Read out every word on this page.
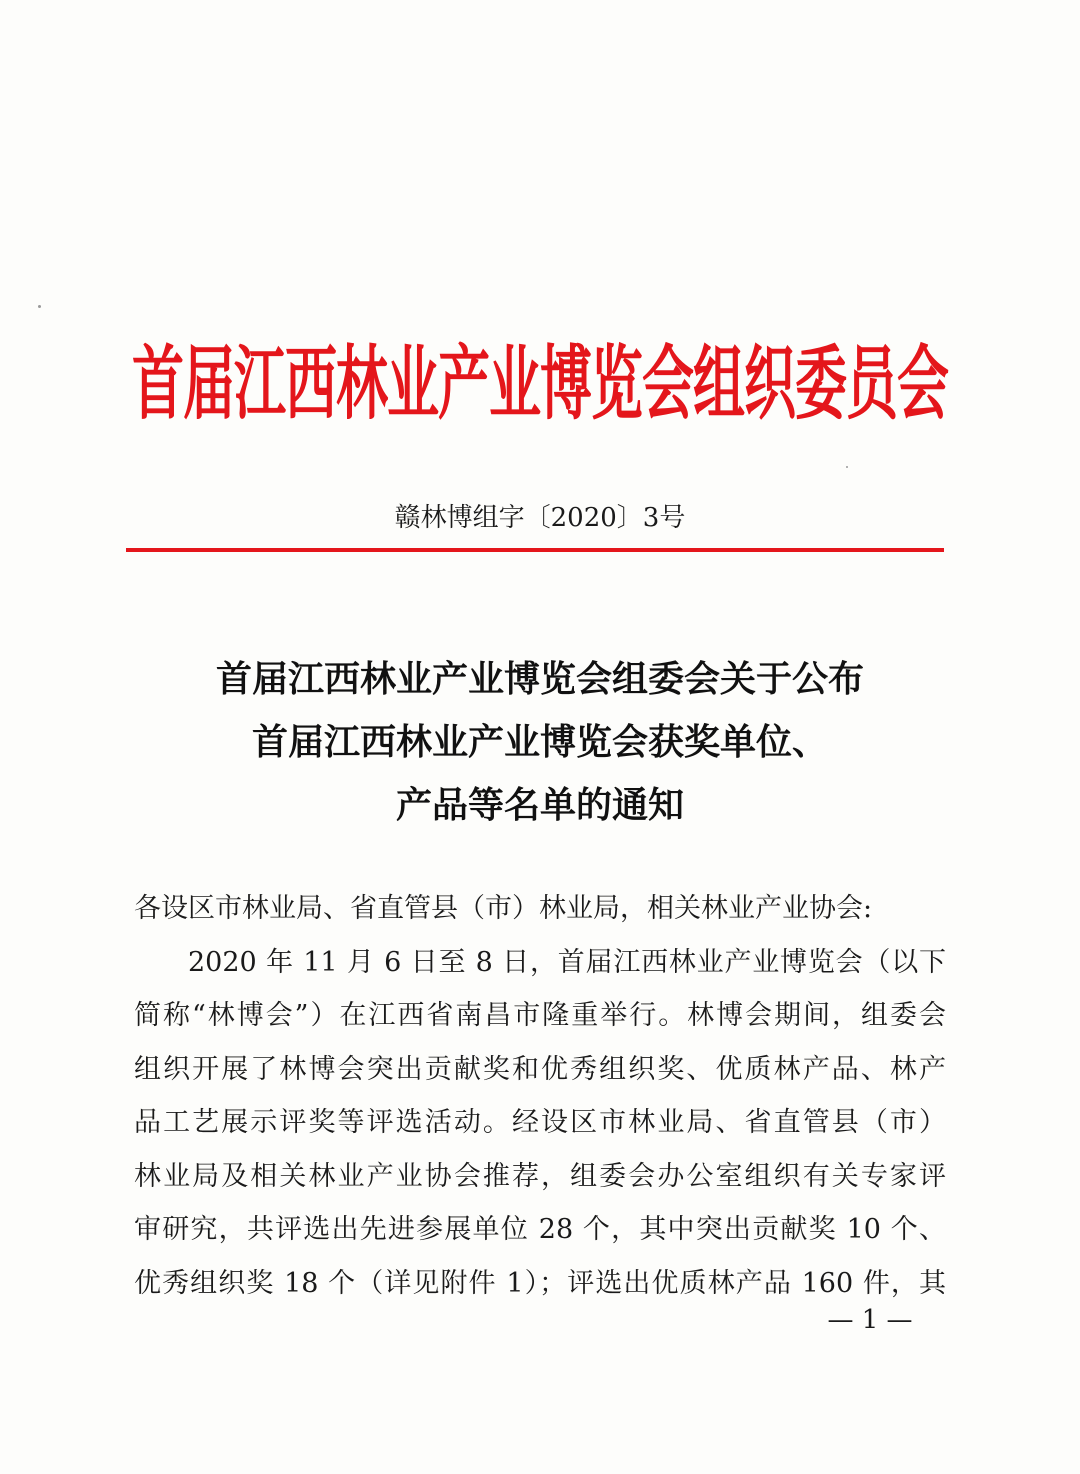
首届江西林业产业博览会组织委员会
赣林博组字〔2020〕3号
首届江西林业产业博览会组委会关于公布
首届江西林业产业博览会获奖单位、
产品等名单的通知
各设区市林业局、省直管县（市）林业局，相关林业产业协会:
2020 年 11 月 6 日至 8 日，首届江西林业产业博览会（以下
简称“林博会”）在江西省南昌市隆重举行。林博会期间，组委会
组织开展了林博会突出贡献奖和优秀组织奖、优质林产品、林产
品工艺展示评奖等评选活动。经设区市林业局、省直管县（市）
林业局及相关林业产业协会推荐，组委会办公室组织有关专家评
审研究，共评选出先进参展单位 28 个，其中突出贡献奖 10 个、
优秀组织奖 18 个（详见附件 1）；评选出优质林产品 160 件，其
— 1 —
